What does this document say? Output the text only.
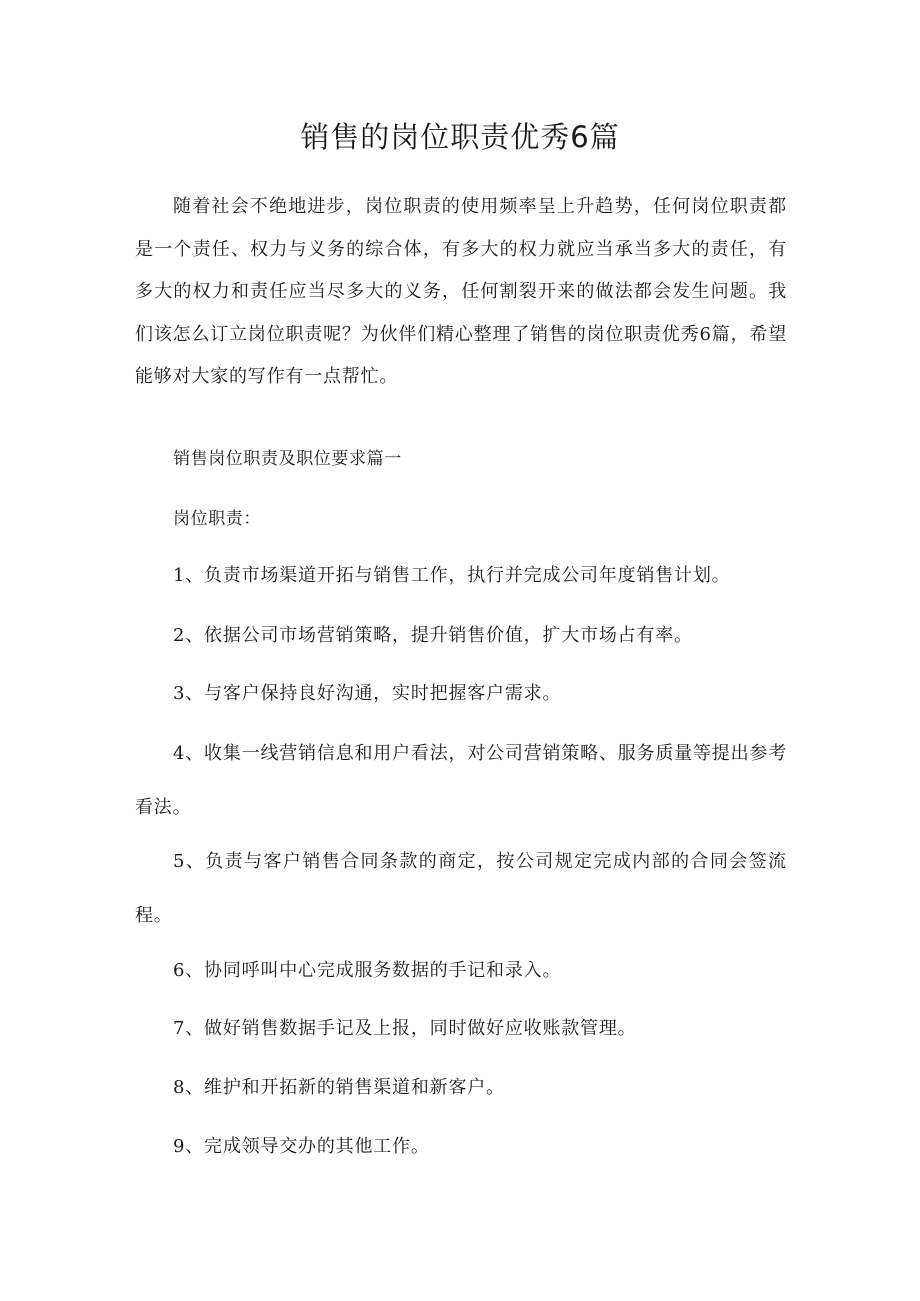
销售的岗位职责优秀6篇

随着社会不绝地进步，岗位职责的使用频率呈上升趋势，任何岗位职责都是一个责任、权力与义务的综合体，有多大的权力就应当承当多大的责任，有多大的权力和责任应当尽多大的义务，任何割裂开来的做法都会发生问题。我们该怎么订立岗位职责呢？为伙伴们精心整理了销售的岗位职责优秀6篇，希望能够对大家的写作有一点帮忙。

销售岗位职责及职位要求篇一

岗位职责：

1、负责市场渠道开拓与销售工作，执行并完成公司年度销售计划。

2、依据公司市场营销策略，提升销售价值，扩大市场占有率。

3、与客户保持良好沟通，实时把握客户需求。

4、收集一线营销信息和用户看法，对公司营销策略、服务质量等提出参考看法。

5、负责与客户销售合同条款的商定，按公司规定完成内部的合同会签流程。

6、协同呼叫中心完成服务数据的手记和录入。

7、做好销售数据手记及上报，同时做好应收账款管理。

8、维护和开拓新的销售渠道和新客户。

9、完成领导交办的其他工作。
